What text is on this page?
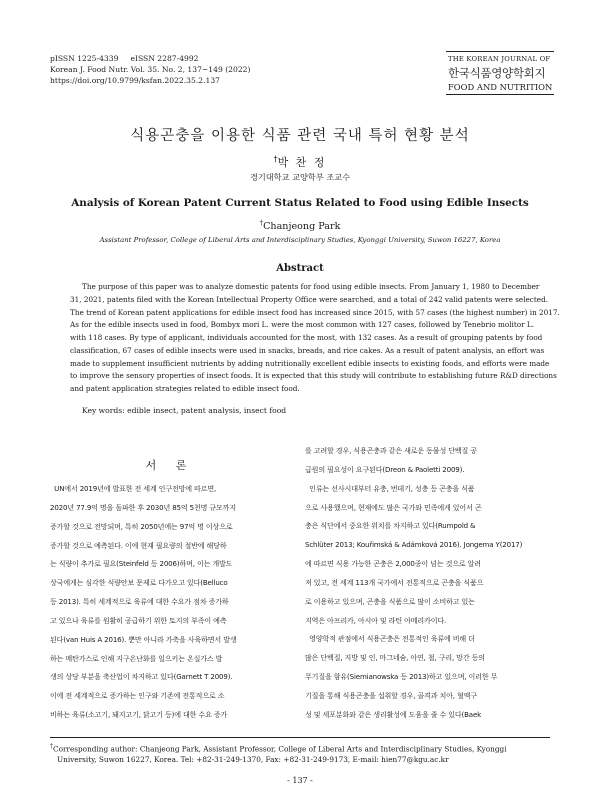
pISSN 1225-4339     eISSN 2287-4992
Korean J. Food Nutr. Vol. 35. No. 2, 137~149 (2022)
https://doi.org/10.9799/ksfan.2022.35.2.137
THE KOREAN JOURNAL OF
한국식품영양학회지
FOOD AND NUTRITION
식용곤충을 이용한 식품 관련 국내 특허 현황 분석
†박 찬 정
경기대학교 교양학부 조교수
Analysis of Korean Patent Current Status Related to Food using Edible Insects
†Chanjeong Park
Assistant Professor, College of Liberal Arts and Interdisciplinary Studies, Kyonggi University, Suwon 16227, Korea
Abstract
The purpose of this paper was to analyze domestic patents for food using edible insects. From January 1, 1980 to December
31, 2021, patents filed with the Korean Intellectual Property Office were searched, and a total of 242 valid patents were selected.
The trend of Korean patent applications for edible insect food has increased since 2015, with 57 cases (the highest number) in 2017.
As for the edible insects used in food, Bombyx mori L. were the most common with 127 cases, followed by Tenebrio molitor L.
with 118 cases. By type of applicant, individuals accounted for the most, with 132 cases. As a result of grouping patents by food
classification, 67 cases of edible insects were used in snacks, breads, and rice cakes. As a result of patent analysis, an effort was
made to supplement insufficient nutrients by adding nutritionally excellent edible insects to existing foods, and efforts were made
to improve the sensory properties of insect foods. It is expected that this study will contribute to establishing future R&D directions
and patent application strategies related to edible insect food.
Key words: edible insect, patent analysis, insect food
서 론
UN에서 2019년에 발표한 전 세계 인구전망에 따르면,
2020년 77.9억 명을 돌파한 후 2030년 85억 5천명 규모까지
증가할 것으로 전망되며, 특히 2050년에는 97억 명 이상으로
증가할 것으로 예측된다. 이에 현재 필요량의 절반에 해당하
는 식량이 추가로 필요(Steinfeld 등 2006)하며, 이는 개발도
상국에게는 심각한 식량안보 문제로 다가오고 있다(Belluco
등 2013). 특히 세계적으로 육류에 대한 수요가 점차 증가하
고 있으나 육류를 원활히 공급하기 위한 토지의 부족이 예측
된다(van Huis A 2016). 뿐만 아니라 가축을 사육하면서 발생
하는 메탄가스로 인해 지구온난화를 일으키는 온실가스 발
생의 상당 부분을 축산업이 차지하고 있다(Garnett T 2009).
이에 전 세계적으로 증가하는 인구와 기존에 전통적으로 소
비하는 육류(소고기, 돼지고기, 닭고기 등)에 대한 수요 증가
를 고려할 경우, 식용곤충과 같은 새로운 동물성 단백질 공
급원의 필요성이 요구된다(Dreon & Paoletti 2009).
인류는 선사시대부터 유충, 번데기, 성충 등 곤충을 식품
으로 사용했으며, 현재에도 많은 국가와 민족에게 있어서 곤
충은 식단에서 중요한 위치를 차지하고 있다(Rumpold &
Schlüter 2013; Kouřimská & Adámková 2016). Jongema Y(2017)
에 따르면 식용 가능한 곤충은 2,000종이 넘는 것으로 알려
져 있고, 전 세계 113개 국가에서 전통적으로 곤충을 식품으
로 이용하고 있으며, 곤충을 식품으로 많이 소비하고 있는
지역은 아프리카, 아시아 및 라틴 아메리카이다.
영양학적 관점에서 식용곤충은 전통적인 육류에 비해 더
많은 단백질, 지방 및 인, 마그네슘, 아연, 철, 구리, 망간 등의
무기질을 함유(Siemianowska 등 2013)하고 있으며, 이러한 무
기질을 통해 식용곤충을 섭취할 경우, 골격과 치아, 혈액구
성 및 세포분화와 같은 생리활성에 도움을 줄 수 있다(Baek
†Corresponding author: Chanjeong Park, Assistant Professor, College of Liberal Arts and Interdisciplinary Studies, Kyonggi
University, Suwon 16227, Korea. Tel: +82-31-249-1370, Fax: +82-31-249-9173, E-mail: hien77@kgu.ac.kr
- 137 -
